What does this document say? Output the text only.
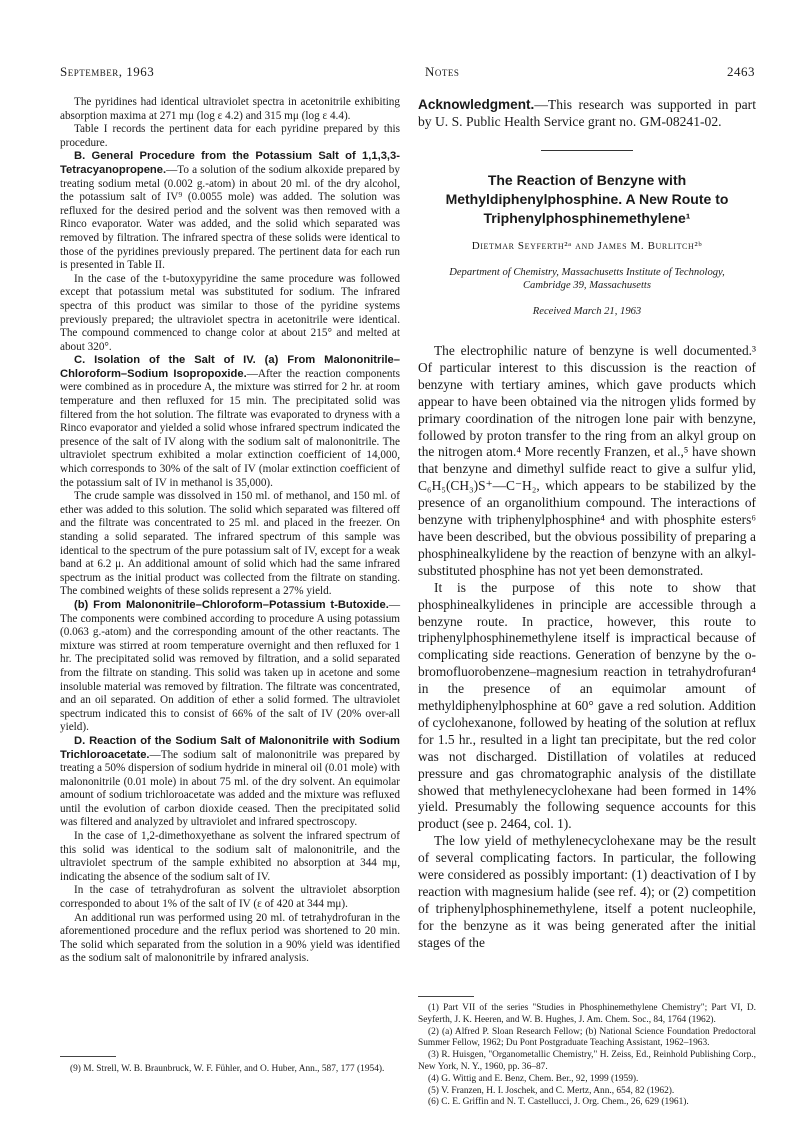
September, 1963	Notes	2463

The pyridines had identical ultraviolet spectra in acetonitrile exhibiting absorption maxima at 271 mμ (log ε 4.2) and 315 mμ (log ε 4.4).

Table I records the pertinent data for each pyridine prepared by this procedure.

B. General Procedure from the Potassium Salt of 1,1,3,3-Tetracyanopropene.—To a solution of the sodium alkoxide prepared by treating sodium metal (0.002 g.-atom) in about 20 ml. of the dry alcohol, the potassium salt of IV⁹ (0.0055 mole) was added. The solution was refluxed for the desired period and the solvent was then removed with a Rinco evaporator. Water was added, and the solid which separated was removed by filtration. The infrared spectra of these solids were identical to those of the pyridines previously prepared. The pertinent data for each run is presented in Table II.

In the case of the t-butoxypyridine the same procedure was followed except that potassium metal was substituted for sodium. The infrared spectra of this product was similar to those of the pyridine systems previously prepared; the ultraviolet spectra in acetonitrile were identical. The compound commenced to change color at about 215° and melted at about 320°.

C. Isolation of the Salt of IV. (a) From Malononitrile–Chloroform–Sodium Isopropoxide.—After the reaction components were combined as in procedure A, the mixture was stirred for 2 hr. at room temperature and then refluxed for 15 min. The precipitated solid was filtered from the hot solution. The filtrate was evaporated to dryness with a Rinco evaporator and yielded a solid whose infrared spectrum indicated the presence of the salt of IV along with the sodium salt of malononitrile. The ultraviolet spectrum exhibited a molar extinction coefficient of 14,000, which corresponds to 30% of the salt of IV (molar extinction coefficient of the potassium salt of IV in methanol is 35,000).

The crude sample was dissolved in 150 ml. of methanol, and 150 ml. of ether was added to this solution. The solid which separated was filtered off and the filtrate was concentrated to 25 ml. and placed in the freezer. On standing a solid separated. The infrared spectrum of this sample was identical to the spectrum of the pure potassium salt of IV, except for a weak band at 6.2 μ. An additional amount of solid which had the same infrared spectrum as the initial product was collected from the filtrate on standing. The combined weights of these solids represent a 27% yield.

(b) From Malononitrile–Chloroform–Potassium t-Butoxide.—The components were combined according to procedure A using potassium (0.063 g.-atom) and the corresponding amount of the other reactants. The mixture was stirred at room temperature overnight and then refluxed for 1 hr. The precipitated solid was removed by filtration, and a solid separated from the filtrate on standing. This solid was taken up in acetone and some insoluble material was removed by filtration. The filtrate was concentrated, and an oil separated. On addition of ether a solid formed. The ultraviolet spectrum indicated this to consist of 66% of the salt of IV (20% over-all yield).

D. Reaction of the Sodium Salt of Malononitrile with Sodium Trichloroacetate.—The sodium salt of malononitrile was prepared by treating a 50% dispersion of sodium hydride in mineral oil (0.01 mole) with malononitrile (0.01 mole) in about 75 ml. of the dry solvent. An equimolar amount of sodium trichloroacetate was added and the mixture was refluxed until the evolution of carbon dioxide ceased. Then the precipitated solid was filtered and analyzed by ultraviolet and infrared spectroscopy.

In the case of 1,2-dimethoxyethane as solvent the infrared spectrum of this solid was identical to the sodium salt of malononitrile, and the ultraviolet spectrum of the sample exhibited no absorption at 344 mμ, indicating the absence of the sodium salt of IV.

In the case of tetrahydrofuran as solvent the ultraviolet absorption corresponded to about 1% of the salt of IV (ε of 420 at 344 mμ).

An additional run was performed using 20 ml. of tetrahydrofuran in the aforementioned procedure and the reflux period was shortened to 20 min. The solid which separated from the solution in a 90% yield was identified as the sodium salt of malononitrile by infrared analysis.

(9) M. Strell, W. B. Braunbruck, W. F. Fühler, and O. Huber, Ann., 587, 177 (1954).

Acknowledgment.—This research was supported in part by U. S. Public Health Service grant no. GM-08241-02.

The Reaction of Benzyne with
Methyldiphenylphosphine. A New Route to
Triphenylphosphinemethylene¹

Dietmar Seyferth²ᵃ and James M. Burlitch²ᵇ

Department of Chemistry, Massachusetts Institute of Technology,
Cambridge 39, Massachusetts

Received March 21, 1963

The electrophilic nature of benzyne is well documented.³ Of particular interest to this discussion is the reaction of benzyne with tertiary amines, which gave products which appear to have been obtained via the nitrogen ylids formed by primary coordination of the nitrogen lone pair with benzyne, followed by proton transfer to the ring from an alkyl group on the nitrogen atom.⁴ More recently Franzen, et al.,⁵ have shown that benzyne and dimethyl sulfide react to give a sulfur ylid, C₆H₅(CH₃)S⁺—C⁻H₂, which appears to be stabilized by the presence of an organolithium compound. The interactions of benzyne with triphenylphosphine⁴ and with phosphite esters⁶ have been described, but the obvious possibility of preparing a phosphinealkylidene by the reaction of benzyne with an alkyl-substituted phosphine has not yet been demonstrated.

It is the purpose of this note to show that phosphinealkylidenes in principle are accessible through a benzyne route. In practice, however, this route to triphenylphosphinemethylene itself is impractical because of complicating side reactions. Generation of benzyne by the o-bromofluorobenzene–magnesium reaction in tetrahydrofuran⁴ in the presence of an equimolar amount of methyldiphenylphosphine at 60° gave a red solution. Addition of cyclohexanone, followed by heating of the solution at reflux for 1.5 hr., resulted in a light tan precipitate, but the red color was not discharged. Distillation of volatiles at reduced pressure and gas chromatographic analysis of the distillate showed that methylenecyclohexane had been formed in 14% yield. Presumably the following sequence accounts for this product (see p. 2464, col. 1).

The low yield of methylenecyclohexane may be the result of several complicating factors. In particular, the following were considered as possibly important: (1) deactivation of I by reaction with magnesium halide (see ref. 4); or (2) competition of triphenylphosphinemethylene, itself a potent nucleophile, for the benzyne as it was being generated after the initial stages of the

(1) Part VII of the series "Studies in Phosphinemethylene Chemistry"; Part VI, D. Seyferth, J. K. Heeren, and W. B. Hughes, J. Am. Chem. Soc., 84, 1764 (1962).

(2) (a) Alfred P. Sloan Research Fellow; (b) National Science Foundation Predoctoral Summer Fellow, 1962; Du Pont Postgraduate Teaching Assistant, 1962–1963.

(3) R. Huisgen, "Organometallic Chemistry," H. Zeiss, Ed., Reinhold Publishing Corp., New York, N. Y., 1960, pp. 36–87.

(4) G. Wittig and E. Benz, Chem. Ber., 92, 1999 (1959).

(5) V. Franzen, H. I. Joschek, and C. Mertz, Ann., 654, 82 (1962).

(6) C. E. Griffin and N. T. Castellucci, J. Org. Chem., 26, 629 (1961).
